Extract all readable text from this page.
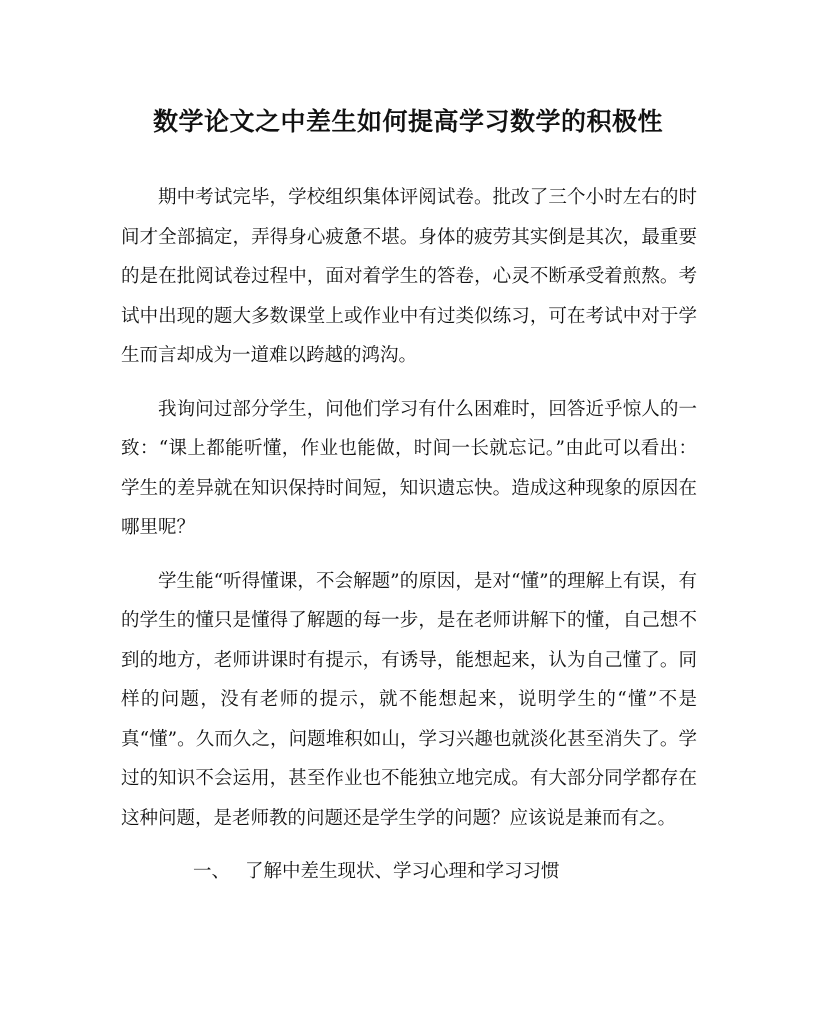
数学论文之中差生如何提高学习数学的积极性

期中考试完毕，学校组织集体评阅试卷。批改了三个小时左右的时间才全部搞定，弄得身心疲惫不堪。身体的疲劳其实倒是其次，最重要的是在批阅试卷过程中，面对着学生的答卷，心灵不断承受着煎熬。考试中出现的题大多数课堂上或作业中有过类似练习，可在考试中对于学生而言却成为一道难以跨越的鸿沟。

我询问过部分学生，问他们学习有什么困难时，回答近乎惊人的一致：“课上都能听懂，作业也能做，时间一长就忘记。”由此可以看出：学生的差异就在知识保持时间短，知识遗忘快。造成这种现象的原因在哪里呢？

学生能“听得懂课，不会解题”的原因，是对“懂”的理解上有误，有的学生的懂只是懂得了解题的每一步，是在老师讲解下的懂，自己想不到的地方，老师讲课时有提示，有诱导，能想起来，认为自己懂了。同样的问题，没有老师的提示，就不能想起来，说明学生的“懂”不是真“懂”。久而久之，问题堆积如山，学习兴趣也就淡化甚至消失了。学过的知识不会运用，甚至作业也不能独立地完成。有大部分同学都存在这种问题，是老师教的问题还是学生学的问题？应该说是兼而有之。

一、 了解中差生现状、学习心理和学习习惯
